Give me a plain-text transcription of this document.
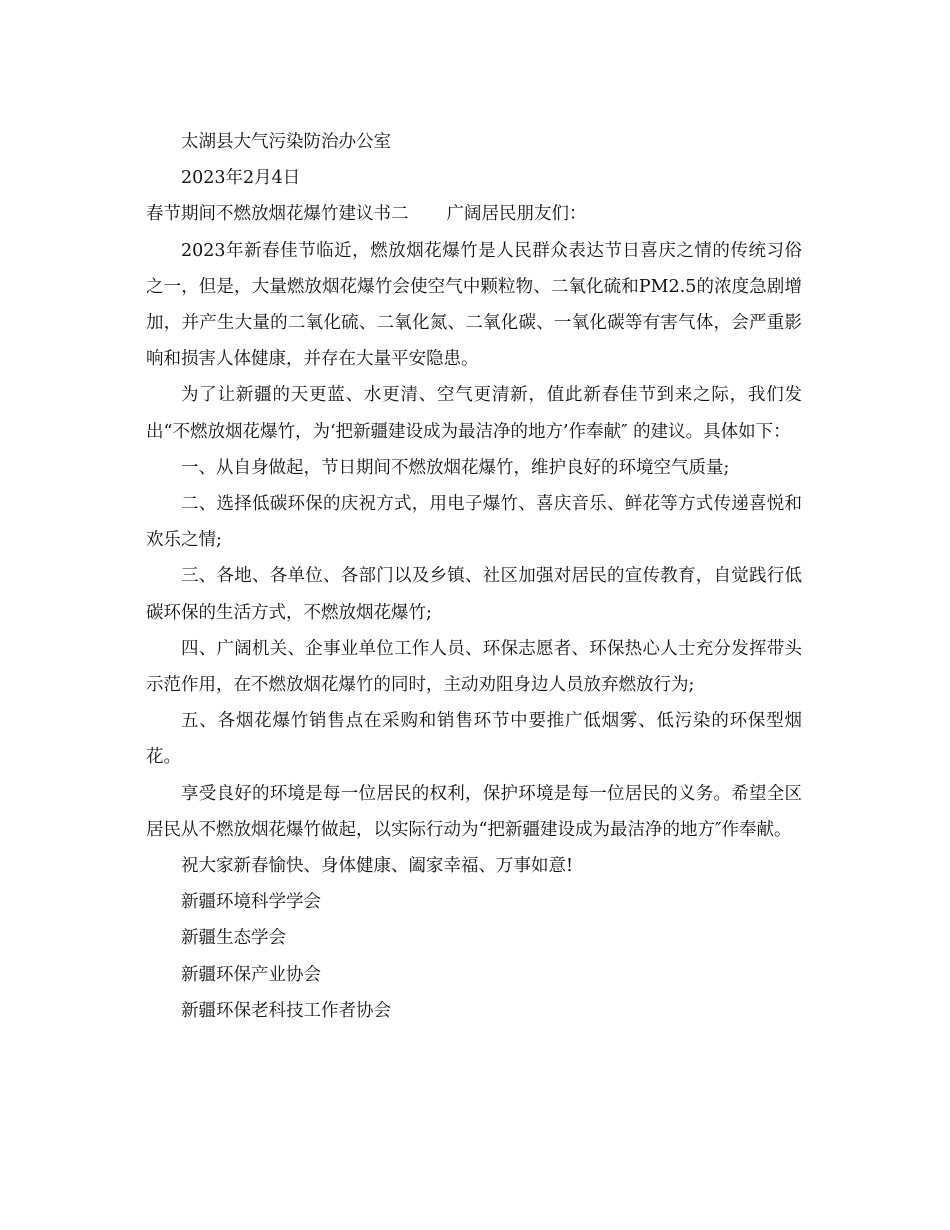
太湖县大气污染防治办公室

2023年2月4日

春节期间不燃放烟花爆竹建议书二 广阔居民朋友们：

2023年新春佳节临近，燃放烟花爆竹是人民群众表达节日喜庆之情的传统习俗之一，但是，大量燃放烟花爆竹会使空气中颗粒物、二氧化硫和PM2.5的浓度急剧增加，并产生大量的二氧化硫、二氧化氮、二氧化碳、一氧化碳等有害气体，会严重影响和损害人体健康，并存在大量平安隐患。

为了让新疆的天更蓝、水更清、空气更清新，值此新春佳节到来之际，我们发出“不燃放烟花爆竹，为‘把新疆建设成为最洁净的地方’作奉献″ 的建议。具体如下：

一、从自身做起，节日期间不燃放烟花爆竹，维护良好的环境空气质量;

二、选择低碳环保的庆祝方式，用电子爆竹、喜庆音乐、鲜花等方式传递喜悦和欢乐之情;

三、各地、各单位、各部门以及乡镇、社区加强对居民的宣传教育，自觉践行低碳环保的生活方式，不燃放烟花爆竹;

四、广阔机关、企事业单位工作人员、环保志愿者、环保热心人士充分发挥带头示范作用，在不燃放烟花爆竹的同时，主动劝阻身边人员放弃燃放行为;

五、各烟花爆竹销售点在采购和销售环节中要推广低烟雾、低污染的环保型烟花。

享受良好的环境是每一位居民的权利，保护环境是每一位居民的义务。希望全区居民从不燃放烟花爆竹做起，以实际行动为“把新疆建设成为最洁净的地方″作奉献。

祝大家新春愉快、身体健康、阖家幸福、万事如意!

新疆环境科学学会

新疆生态学会

新疆环保产业协会

新疆环保老科技工作者协会
